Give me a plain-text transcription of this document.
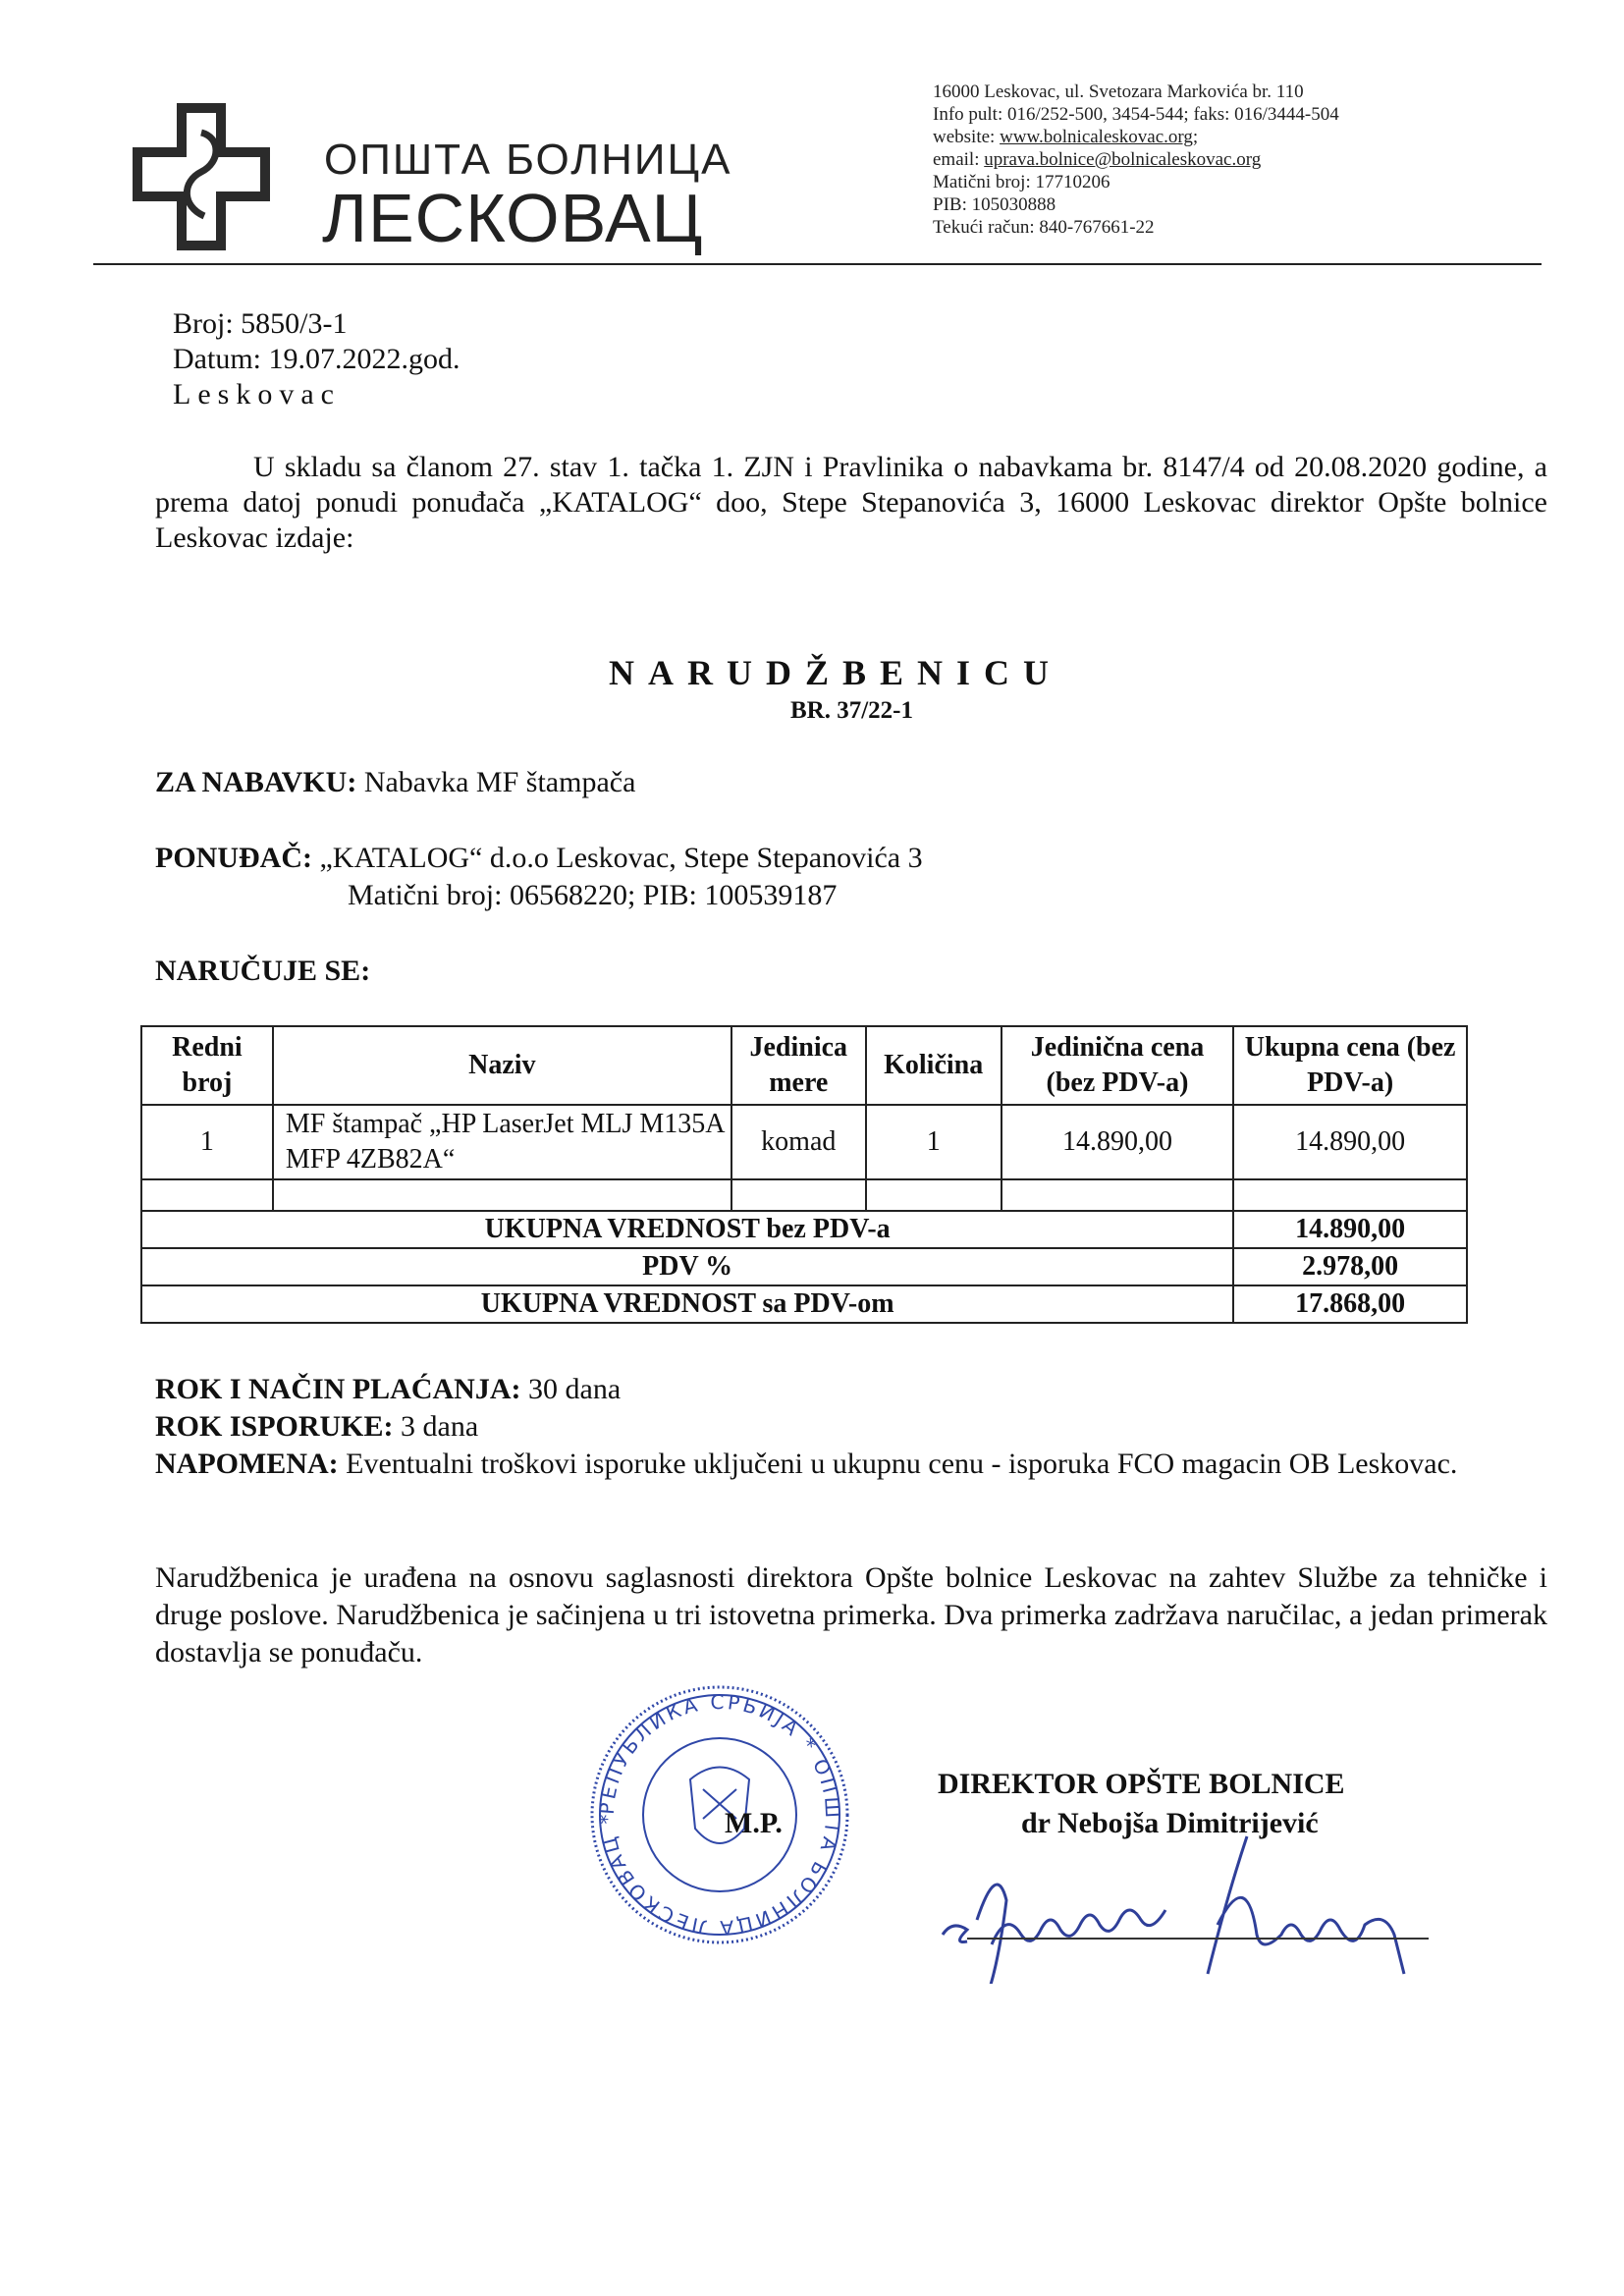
ОПШТА БОЛНИЦА
ЛЕСКОВАЦ
16000 Leskovac, ul. Svetozara Markovića br. 110
Info pult: 016/252-500, 3454-544; faks: 016/3444-504
website: www.bolnicaleskovac.org;
email: uprava.bolnice@bolnicaleskovac.org
Matični broj: 17710206
PIB: 105030888
Tekući račun: 840-767661-22
Broj: 5850/3-1
Datum: 19.07.2022.god.
Leskovac
U skladu sa članom 27. stav 1. tačka 1. ZJN i Pravlinika o nabavkama br. 8147/4 od 20.08.2020 godine, a prema datoj ponudi ponuđača „KATALOG“ doo, Stepe Stepanovića 3, 16000 Leskovac direktor Opšte bolnice Leskovac izdaje:
NARUDŽBENICU
BR. 37/22-1
ZA NABAVKU: Nabavka MF štampača
PONUĐAČ: „KATALOG“ d.o.o Leskovac, Stepe Stepanovića 3
Matični broj: 06568220; PIB: 100539187
NARUČUJE SE:
Redni broj	Naziv	Jedinica mere	Količina	Jedinična cena (bez PDV-a)	Ukupna cena (bez PDV-a)
1	MF štampač „HP LaserJet MLJ M135A MFP 4ZB82A“	komad	1	14.890,00	14.890,00

UKUPNA VREDNOST bez PDV-a					14.890,00
PDV %					2.978,00
UKUPNA VREDNOST sa PDV-om					17.868,00
ROK I NAČIN PLAĆANJA: 30 dana
ROK ISPORUKE: 3 dana
NAPOMENA: Eventualni troškovi isporuke uključeni u ukupnu cenu - isporuka FCO magacin OB Leskovac.
Narudžbenica je urađena na osnovu saglasnosti direktora Opšte bolnice Leskovac na zahtev Službe za tehničke i druge poslove. Narudžbenica je sačinjena u tri istovetna primerka. Dva primerka zadržava naručilac, a jedan primerak dostavlja se ponuđaču.
РЕПУБЛИКА СРБИЈА * ОПШТА БОЛНИЦА ЛЕСКОВАЦ *	M.P.
DIREKTOR OPŠTE BOLNICE
dr Nebojša Dimitrijević
